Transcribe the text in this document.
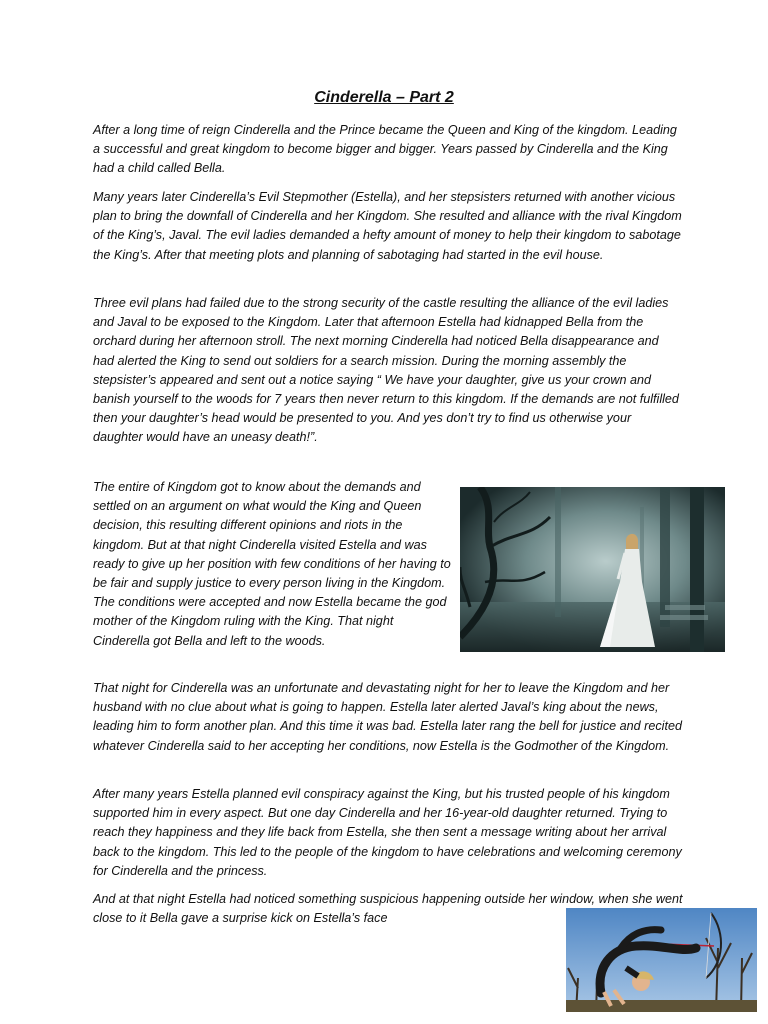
Cinderella – Part 2

After a long time of reign Cinderella and the Prince became the Queen and King of the kingdom. Leading a successful and great kingdom to become bigger and bigger. Years passed by Cinderella and the King had a child called Bella.

Many years later Cinderella’s Evil Stepmother (Estella), and her stepsisters returned with another vicious plan to bring the downfall of Cinderella and her Kingdom. She resulted and alliance with the rival Kingdom of the King’s, Javal. The evil ladies demanded a hefty amount of money to help their kingdom to sabotage the King’s. After that meeting plots and planning of sabotaging had started in the evil house.

Three evil plans had failed due to the strong security of the castle resulting the alliance of the evil ladies and Javal to be exposed to the Kingdom. Later that afternoon Estella had kidnapped Bella from the orchard during her afternoon stroll. The next morning Cinderella had noticed Bella disappearance and had alerted the King to send out soldiers for a search mission. During the morning assembly the stepsister’s appeared and sent out a notice saying “ We have your daughter, give us your crown and banish yourself to the woods for 7 years then never return to this kingdom. If the demands are not fulfilled then your daughter’s head would be presented to you. And yes don’t try to find us otherwise your daughter would have an uneasy death!”.

The entire of Kingdom got to know about the demands and settled on an argument on what would the King and Queen decision, this resulting different opinions and riots in the kingdom. But at that night Cinderella visited Estella and was ready to give up her position with few conditions of her having to be fair and supply justice to every person living in the Kingdom. The conditions were accepted and now Estella became the god mother of the Kingdom ruling with the King. That night Cinderella got Bella and left to the woods.

That night for Cinderella was an unfortunate and devastating night for her to leave the Kingdom and her husband with no clue about what is going to happen. Estella later alerted Javal’s king about the news, leading him to form another plan. And this time it was bad. Estella later rang the bell for justice and recited whatever Cinderella said to her accepting her conditions, now Estella is the Godmother of the Kingdom.

After many years Estella planned evil conspiracy against the King, but his trusted people of his kingdom supported him in every aspect. But one day Cinderella and her 16-year-old daughter returned. Trying to reach they happiness and they life back from Estella, she then sent a message writing about her arrival back to the kingdom. This led to the people of the kingdom to have celebrations and welcoming ceremony for Cinderella and the princess.

And at that night Estella had noticed something suspicious happening outside her window, when she went close to it Bella gave a surprise kick on Estella’s face
